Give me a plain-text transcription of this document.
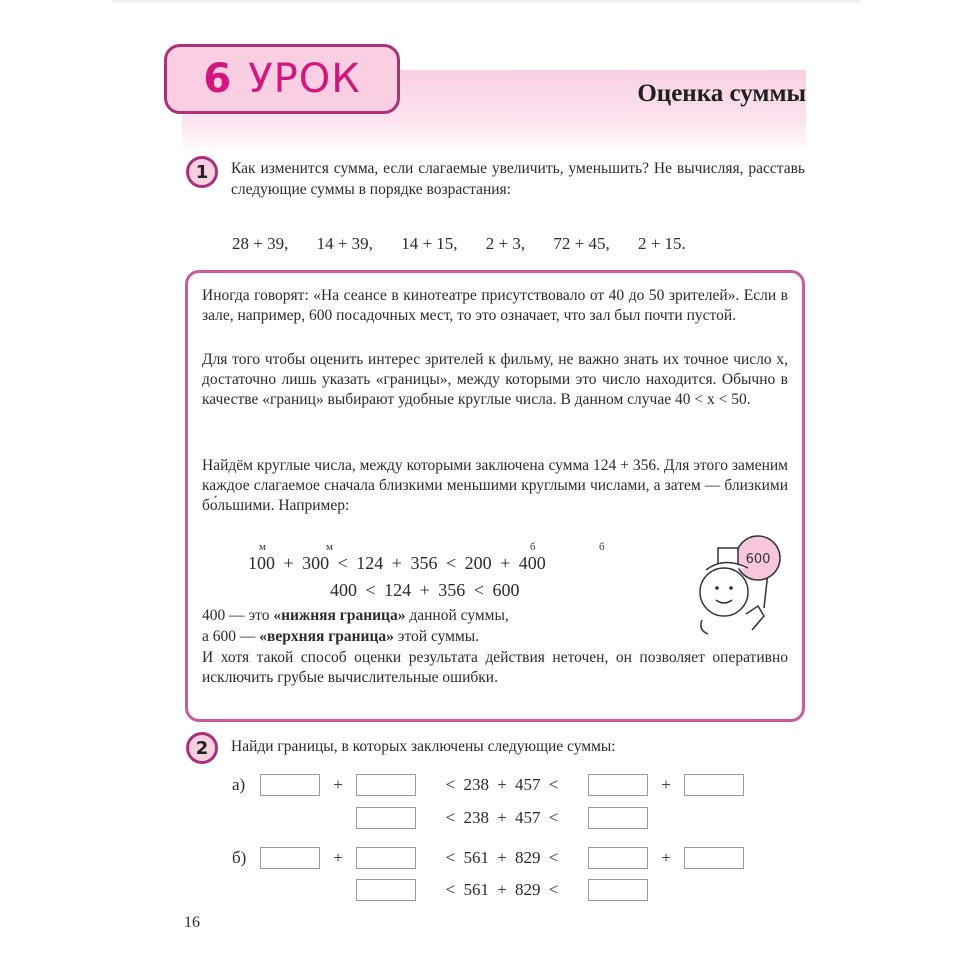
6 УРОК	Оценка суммы
1	Как изменится сумма, если слагаемые увеличить, уменьшить? Не вычисляя, расставь следующие суммы в порядке возрастания:
28 + 39, 14 + 39, 14 + 15, 2 + 3, 72 + 45, 2 + 15.
Иногда говорят: «На сеансе в кинотеатре присутствовало от 40 до 50 зрителей». Если в зале, например, 600 посадочных мест, то это означает, что зал был почти пустой.
Для того чтобы оценить интерес зрителей к фильму, не важно знать их точное число x, достаточно лишь указать «границы», между которыми это число находится. Обычно в качестве «границ» выбирают удобные круглые числа. В данном случае 40 < x < 50.
Найдём круглые числа, между которыми заключена сумма 124 + 356. Для этого заменим каждое слагаемое сначала близкими меньшими круглыми числами, а затем — близкими бо́льшими. Например:
м	м	б	б
100 + 300 < 124 + 356 < 200 + 400
400 < 124 + 356 < 600
400 — это «нижняя граница» данной суммы,
а 600 — «верхняя граница» этой суммы.
И хотя такой способ оценки результата действия неточен, он позволяет оперативно исключить грубые вычислительные ошибки.
600
2	Найди границы, в которых заключены следующие суммы:
а)	+	< 238 + 457 <	+
< 238 + 457 <
б)	+	< 561 + 829 <	+
< 561 + 829 <
16
